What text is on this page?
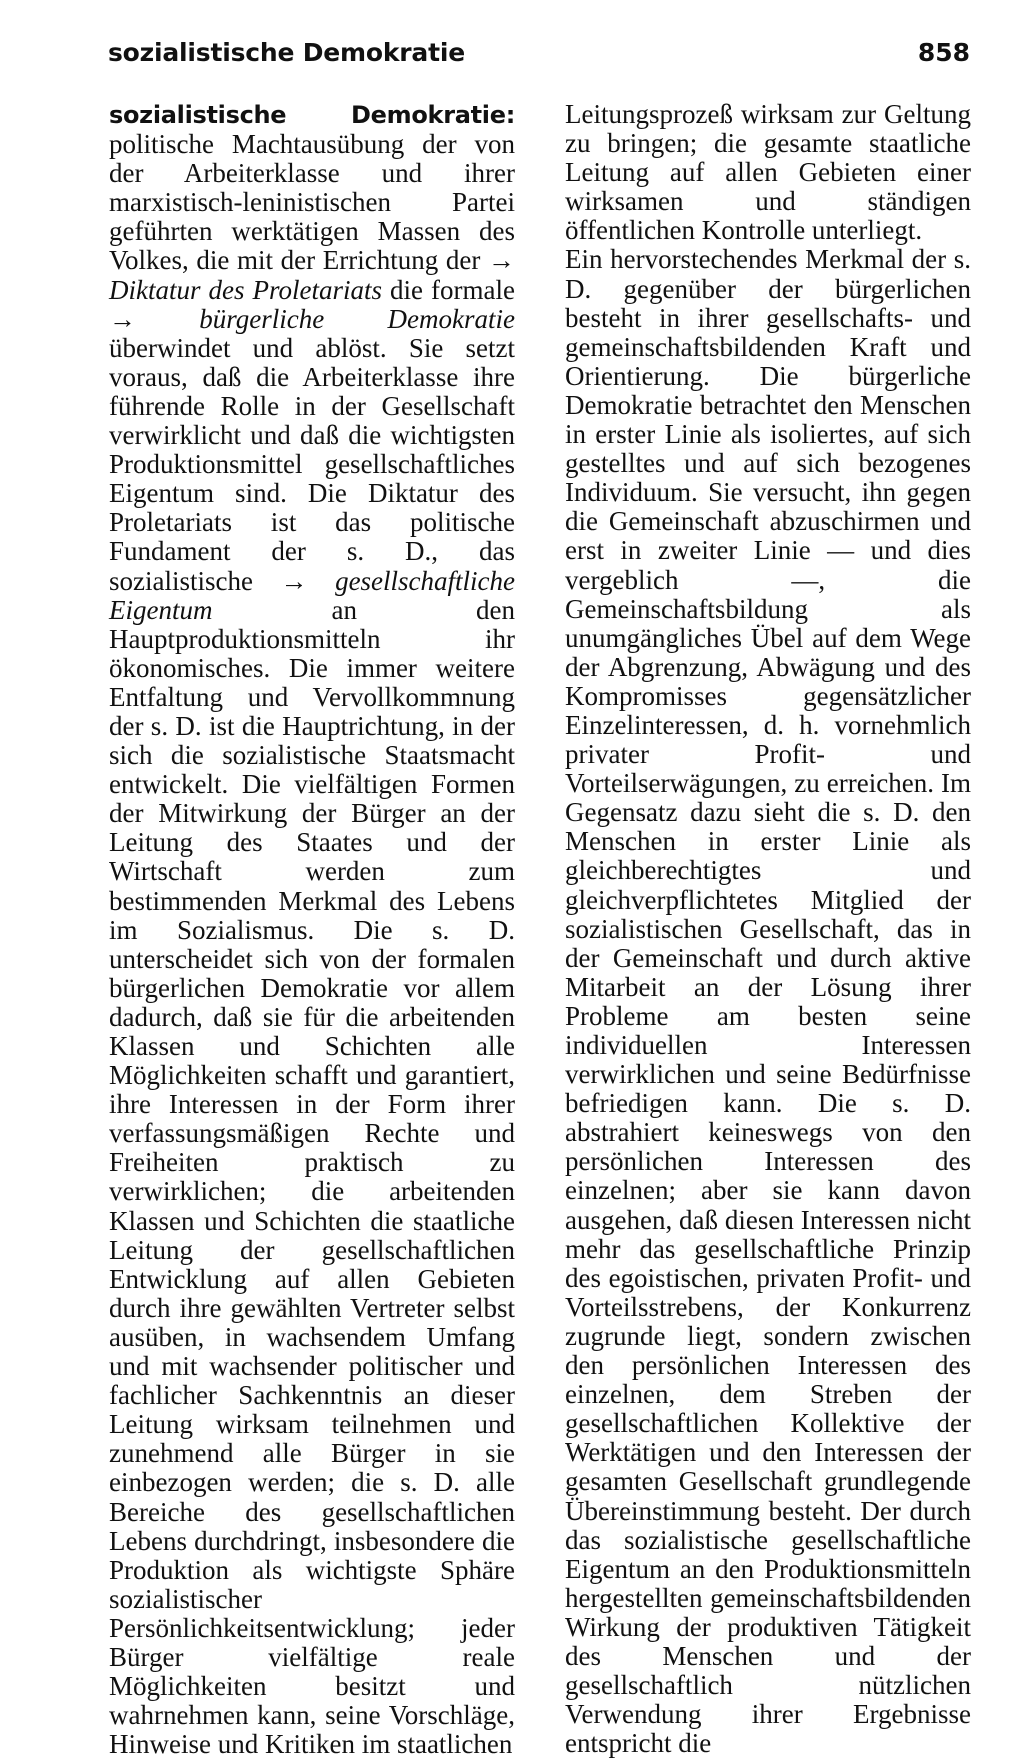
sozialistische Demokratie	858

sozialistische Demokratie: politische Machtausübung der von der Arbeiterklasse und ihrer marxistisch-leninistischen Partei geführten werktätigen Massen des Volkes, die mit der Errichtung der → Diktatur des Proletariats die formale → bürgerliche Demokratie überwindet und ablöst. Sie setzt voraus, daß die Arbeiterklasse ihre führende Rolle in der Gesellschaft verwirklicht und daß die wichtigsten Produktionsmittel gesellschaftliches Eigentum sind. Die Diktatur des Proletariats ist das politische Fundament der s. D., das sozialistische → gesellschaftliche Eigentum an den Hauptproduktionsmitteln ihr ökonomisches. Die immer weitere Entfaltung und Vervollkommnung der s. D. ist die Hauptrichtung, in der sich die sozialistische Staatsmacht entwickelt. Die vielfältigen Formen der Mitwirkung der Bürger an der Leitung des Staates und der Wirtschaft werden zum bestimmenden Merkmal des Lebens im Sozialismus. Die s. D. unterscheidet sich von der formalen bürgerlichen Demokratie vor allem dadurch, daß sie für die arbeitenden Klassen und Schichten alle Möglichkeiten schafft und garantiert, ihre Interessen in der Form ihrer verfassungsmäßigen Rechte und Freiheiten praktisch zu verwirklichen; die arbeitenden Klassen und Schichten die staatliche Leitung der gesellschaftlichen Entwicklung auf allen Gebieten durch ihre gewählten Vertreter selbst ausüben, in wachsendem Umfang und mit wachsender politischer und fachlicher Sachkenntnis an dieser Leitung wirksam teilnehmen und zunehmend alle Bürger in sie einbezogen werden; die s. D. alle Bereiche des gesellschaftlichen Lebens durchdringt, insbesondere die Produktion als wichtigste Sphäre sozialistischer Persönlichkeitsentwicklung; jeder Bürger vielfältige reale Möglichkeiten besitzt und wahrnehmen kann, seine Vorschläge, Hinweise und Kritiken im staatlichen

Leitungsprozeß wirksam zur Geltung zu bringen; die gesamte staatliche Leitung auf allen Gebieten einer wirksamen und ständigen öffentlichen Kontrolle unterliegt.

Ein hervorstechendes Merkmal der s. D. gegenüber der bürgerlichen besteht in ihrer gesellschafts- und gemeinschaftsbildenden Kraft und Orientierung. Die bürgerliche Demokratie betrachtet den Menschen in erster Linie als isoliertes, auf sich gestelltes und auf sich bezogenes Individuum. Sie versucht, ihn gegen die Gemeinschaft abzuschirmen und erst in zweiter Linie — und dies vergeblich —, die Gemeinschaftsbildung als unumgängliches Übel auf dem Wege der Abgrenzung, Abwägung und des Kompromisses gegensätzlicher Einzelinteressen, d. h. vornehmlich privater Profit- und Vorteilserwägungen, zu erreichen. Im Gegensatz dazu sieht die s. D. den Menschen in erster Linie als gleichberechtigtes und gleichverpflichtetes Mitglied der sozialistischen Gesellschaft, das in der Gemeinschaft und durch aktive Mitarbeit an der Lösung ihrer Probleme am besten seine individuellen Interessen verwirklichen und seine Bedürfnisse befriedigen kann. Die s. D. abstrahiert keineswegs von den persönlichen Interessen des einzelnen; aber sie kann davon ausgehen, daß diesen Interessen nicht mehr das gesellschaftliche Prinzip des egoistischen, privaten Profit- und Vorteilsstrebens, der Konkurrenz zugrunde liegt, sondern zwischen den persönlichen Interessen des einzelnen, dem Streben der gesellschaftlichen Kollektive der Werktätigen und den Interessen der gesamten Gesellschaft grundlegende Übereinstimmung besteht. Der durch das sozialistische gesellschaftliche Eigentum an den Produktionsmitteln hergestellten gemeinschaftsbildenden Wirkung der produktiven Tätigkeit des Menschen und der gesellschaftlich nützlichen Verwendung ihrer Ergebnisse entspricht die
